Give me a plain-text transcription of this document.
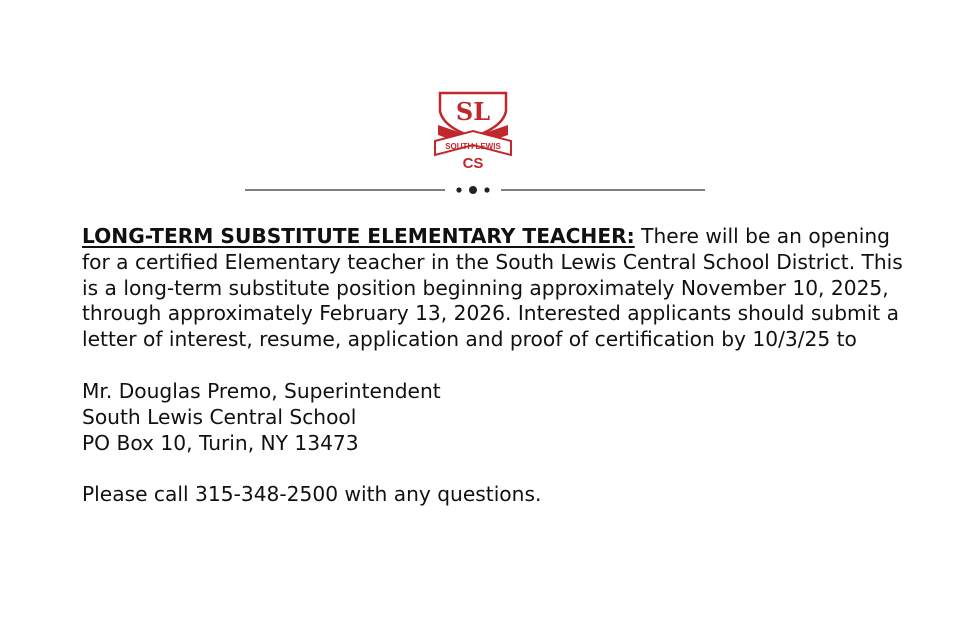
SL
SOUTH LEWIS
CS

LONG-TERM SUBSTITUTE ELEMENTARY TEACHER: There will be an opening for a certified Elementary teacher in the South Lewis Central School District. This is a long-term substitute position beginning approximately November 10, 2025, through approximately February 13, 2026. Interested applicants should submit a letter of interest, resume, application and proof of certification by 10/3/25 to

Mr. Douglas Premo, Superintendent

South Lewis Central School

PO Box 10, Turin, NY 13473

Please call 315-348-2500 with any questions.
